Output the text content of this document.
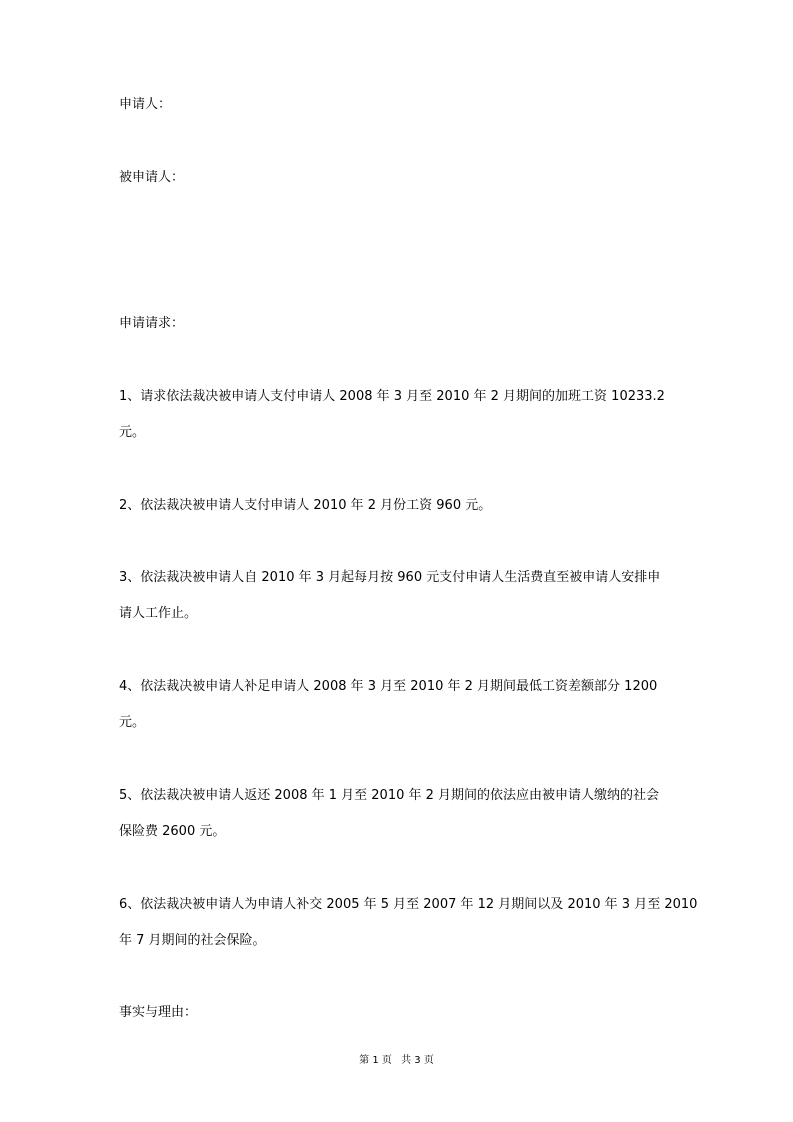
申请人：
被申请人：
申请请求：
1、请求依法裁决被申请人支付申请人 2008 年 3 月至 2010 年 2 月期间的加班工资 10233.2
元。
2、依法裁决被申请人支付申请人 2010 年 2 月份工资 960 元。
3、依法裁决被申请人自 2010 年 3 月起每月按 960 元支付申请人生活费直至被申请人安排申
请人工作止。
4、依法裁决被申请人补足申请人 2008 年 3 月至 2010 年 2 月期间最低工资差额部分 1200
元。
5、依法裁决被申请人返还 2008 年 1 月至 2010 年 2 月期间的依法应由被申请人缴纳的社会
保险费 2600 元。
6、依法裁决被申请人为申请人补交 2005 年 5 月至 2007 年 12 月期间以及 2010 年 3 月至 2010
年 7 月期间的社会保险。
事实与理由：
第 1 页 共 3 页
